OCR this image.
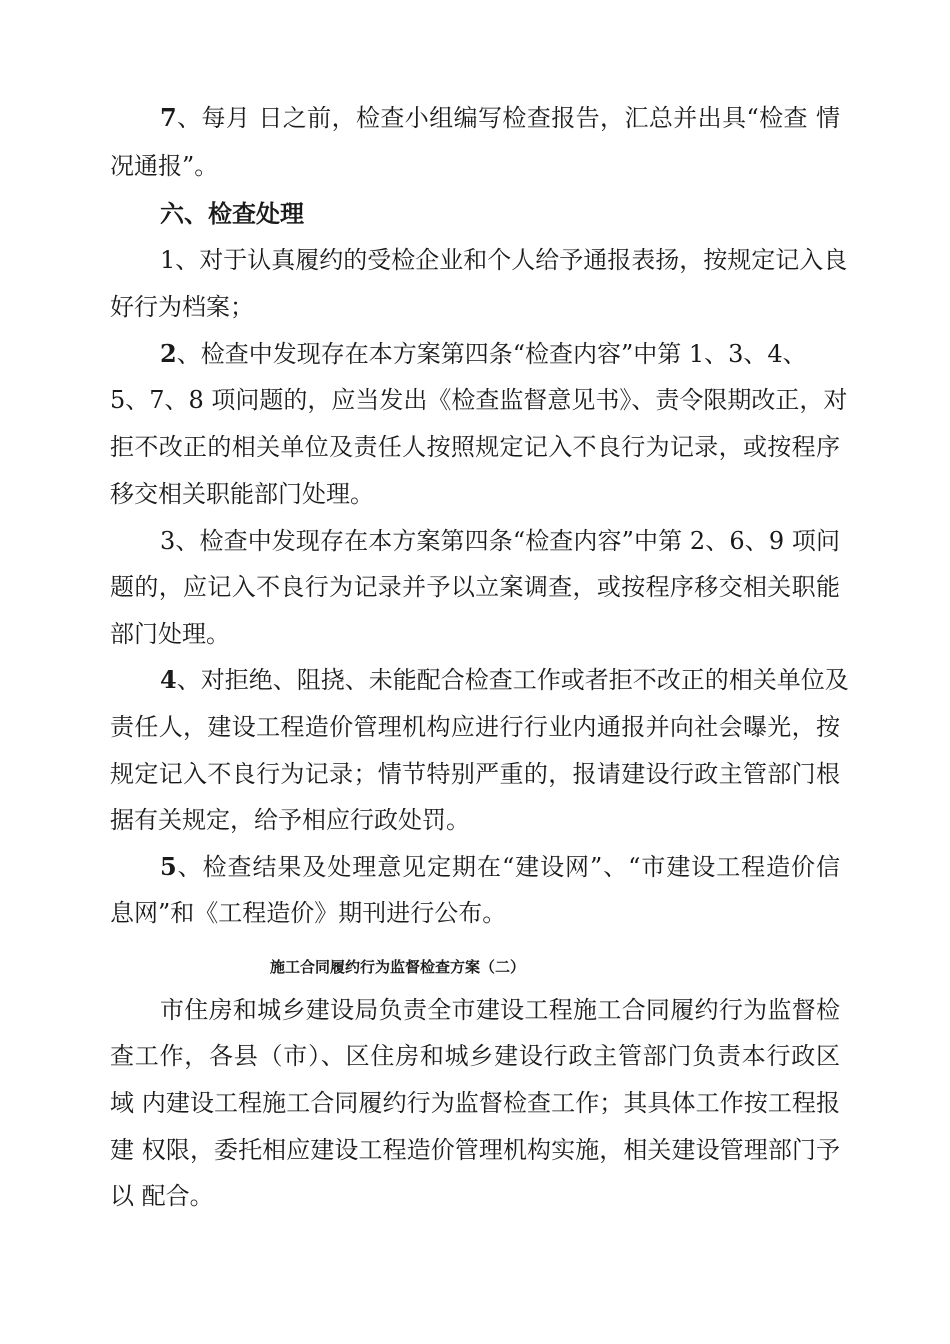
7、每月 日之前，检查小组编写检查报告，汇总并出具“检查 情
况通报”。
六、检查处理
1、对于认真履约的受检企业和个人给予通报表扬，按规定记入良
好行为档案；
2、检查中发现存在本方案第四条“检查内容”中第 1、3、4、
5、7、8 项问题的，应当发出《检查监督意见书》、责令限期改正，对
拒不改正的相关单位及责任人按照规定记入不良行为记录，或按程序
移交相关职能部门处理。
3、检查中发现存在本方案第四条“检查内容”中第 2、6、9 项问
题的，应记入不良行为记录并予以立案调查，或按程序移交相关职能
部门处理。
4、对拒绝、阻挠、未能配合检查工作或者拒不改正的相关单位及
责任人，建设工程造价管理机构应进行行业内通报并向社会曝光，按
规定记入不良行为记录；情节特别严重的，报请建设行政主管部门根
据有关规定，给予相应行政处罚。
5、检查结果及处理意见定期在“建设网”、“市建设工程造价信
息网”和《工程造价》期刊进行公布。
施工合同履约行为监督检查方案（二）
市住房和城乡建设局负责全市建设工程施工合同履约行为监督检
查工作，各县（市）、区住房和城乡建设行政主管部门负责本行政区
域 内建设工程施工合同履约行为监督检查工作；其具体工作按工程报
建 权限，委托相应建设工程造价管理机构实施，相关建设管理部门予
以 配合。
